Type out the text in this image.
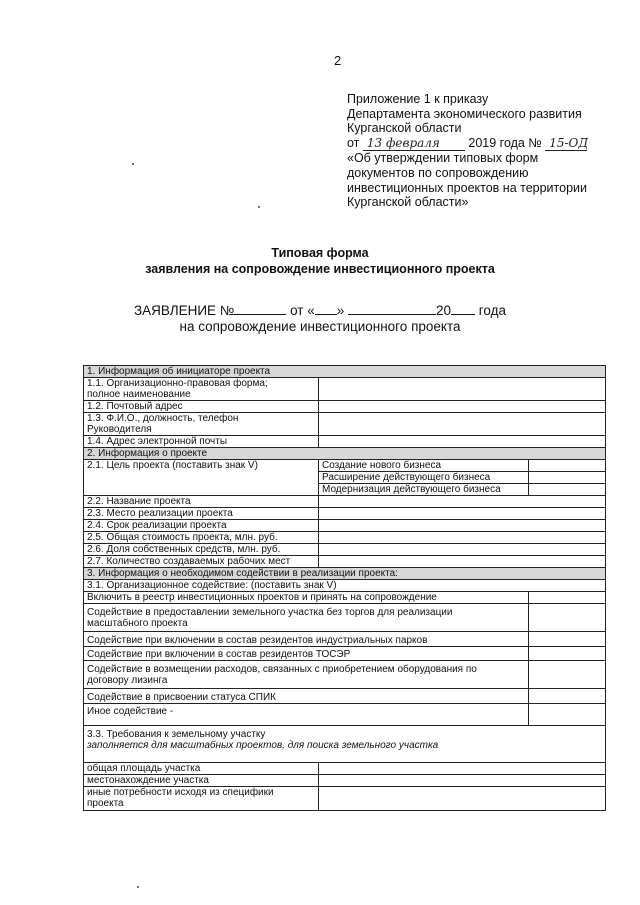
2
Приложение 1 к приказу
Департамента экономического развития
Курганской области
от 13 февраля 2019 года № 15-ОД
«Об утверждении типовых форм
документов по сопровождению
инвестиционных проектов на территории
Курганской области»
Типовая форма
заявления на сопровождение инвестиционного проекта
ЗАЯВЛЕНИЕ №	от « »	20 года
на сопровождение инвестиционного проекта
1. Информация об инициаторе проекта		

1.1. Организационно-правовая форма;
полное наименование		

1.2. Почтовый адрес		

1.3. Ф.И.О., должность, телефон
Руководителя		

1.4. Адрес электронной почты		
2. Информация о проекте		
2.1. Цель проекта (поставить знак V)	Создание нового бизнеса	
	Расширение действующего бизнеса	
	Модернизация действующего бизнеса	
2.2. Название проекта		
2.3. Место реализации проекта		
2.4. Срок реализации проекта		
2.5. Общая стоимость проекта, млн. руб.		
2.6. Доля собственных средств, млн. руб.		
2.7. Количество создаваемых рабочих мест		
3. Информация о необходимом содействии в реализации проекта:		
3.1. Организационное содействие: (поставить знак V)		
Включить в реестр инвестиционных проектов и принять на сопровождение		

Содействие в предоставлении земельного участка без торгов для реализации
масштабного проекта		

Содействие при включении в состав резидентов индустриальных парков		
Содействие при включении в состав резидентов ТОСЭР		

Содействие в возмещении расходов, связанных с приобретением оборудования по
договору лизинга		

Содействие в присвоении статуса СПИК		
Иное содействие -		

3.3. Требования к земельному участку
заполняется для масштабных проектов, для поиска земельного участка		

общая площадь участка		
местонахождение участка		

иные потребности исходя из специфики
проекта		
